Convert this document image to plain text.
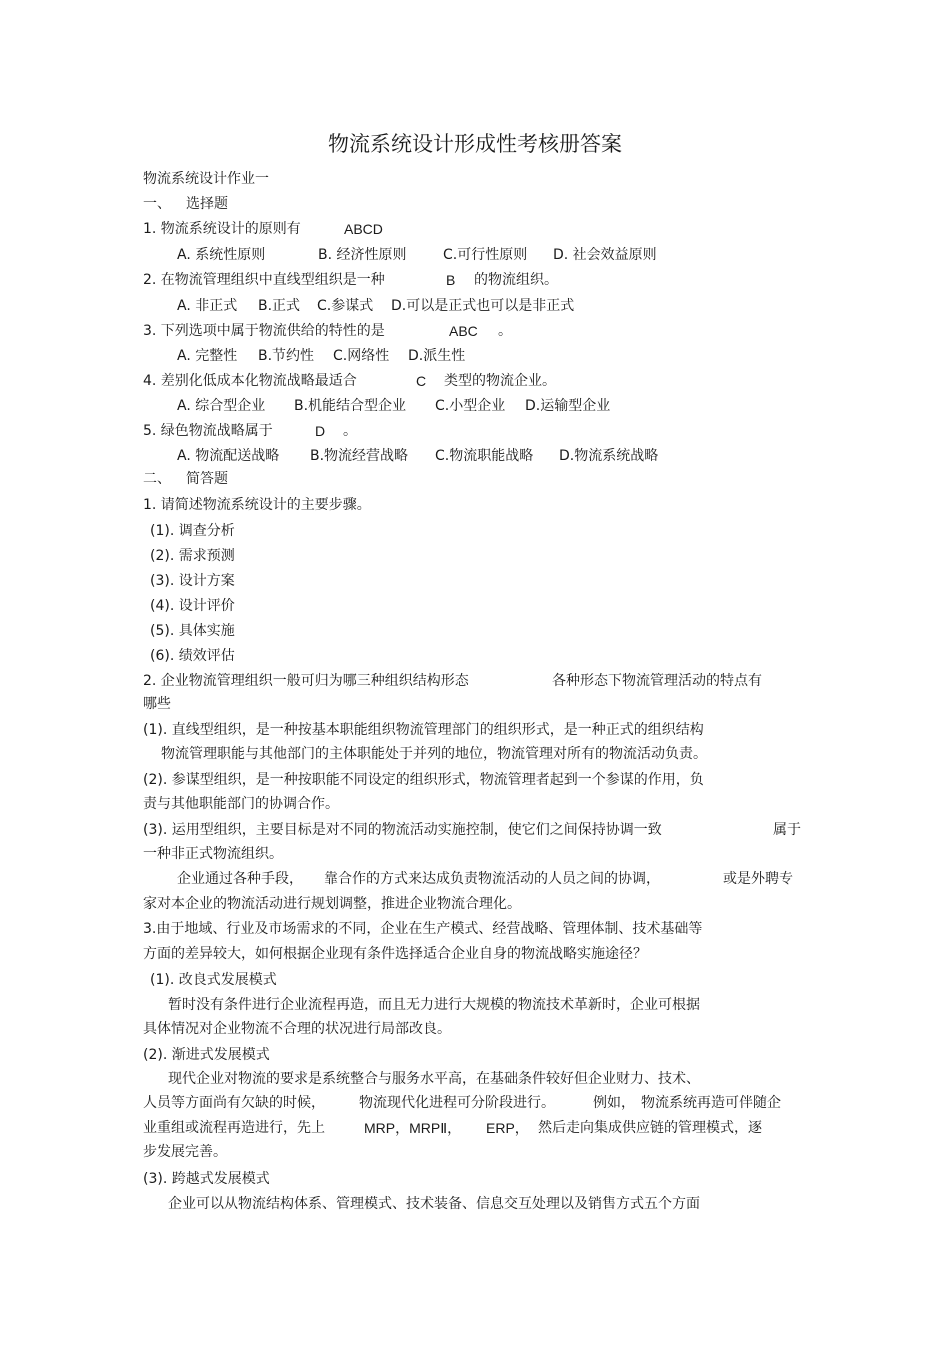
物流系统设计形成性考核册答案
物流系统设计作业一
一、 选择题
1. 物流系统设计的原则有	ABCD
A. 系统性原则	B. 经济性原则	C.可行性原则 D. 社会效益原则
2. 在物流管理组织中直线型组织是一种	B 的物流组织。
A. 非正式 B.正式 C.参谋式 D.可以是正式也可以是非正式
3. 下列选项中属于物流供给的特性的是	ABC 。
A. 完整性 B.节约性 C.网络性 D.派生性
4. 差别化低成本化物流战略最适合	C 类型的物流企业。
A. 综合型企业 B.机能结合型企业 C.小型企业 D.运输型企业
5. 绿色物流战略属于	D 。
A. 物流配送战略 B.物流经营战略 C.物流职能战略 D.物流系统战略
二、 简答题
1. 请简述物流系统设计的主要步骤。
(1). 调查分析
(2). 需求预测
(3). 设计方案
(4). 设计评价
(5). 具体实施
(6). 绩效评估
2. 企业物流管理组织一般可归为哪三种组织结构形态	各种形态下物流管理活动的特点有
哪些
(1). 直线型组织，是一种按基本职能组织物流管理部门的组织形式，是一种正式的组织结构
物流管理职能与其他部门的主体职能处于并列的地位，物流管理对所有的物流活动负责。
(2). 参谋型组织，是一种按职能不同设定的组织形式，物流管理者起到一个参谋的作用，负
责与其他职能部门的协调合作。
(3). 运用型组织，主要目标是对不同的物流活动实施控制，使它们之间保持协调一致	属于
一种非正式物流组织。
企业通过各种手段， 靠合作的方式来达成负责物流活动的人员之间的协调，	或是外聘专
家对本企业的物流活动进行规划调整，推进企业物流合理化。
3.由于地域、行业及市场需求的不同，企业在生产模式、经营战略、管理体制、技术基础等
方面的差异较大，如何根据企业现有条件选择适合企业自身的物流战略实施途径？
(1). 改良式发展模式
暂时没有条件进行企业流程再造，而且无力进行大规模的物流技术革新时，企业可根据
具体情况对企业物流不合理的状况进行局部改良。
(2). 渐进式发展模式
现代企业对物流的要求是系统整合与服务水平高，在基础条件较好但企业财力、技术、
人员等方面尚有欠缺的时候， 物流现代化进程可分阶段进行。	例如， 物流系统再造可伴随企
业重组或流程再造进行，先上	MRP，MRPⅡ， ERP， 然后走向集成供应链的管理模式，逐
步发展完善。
(3). 跨越式发展模式
企业可以从物流结构体系、管理模式、技术装备、信息交互处理以及销售方式五个方面
